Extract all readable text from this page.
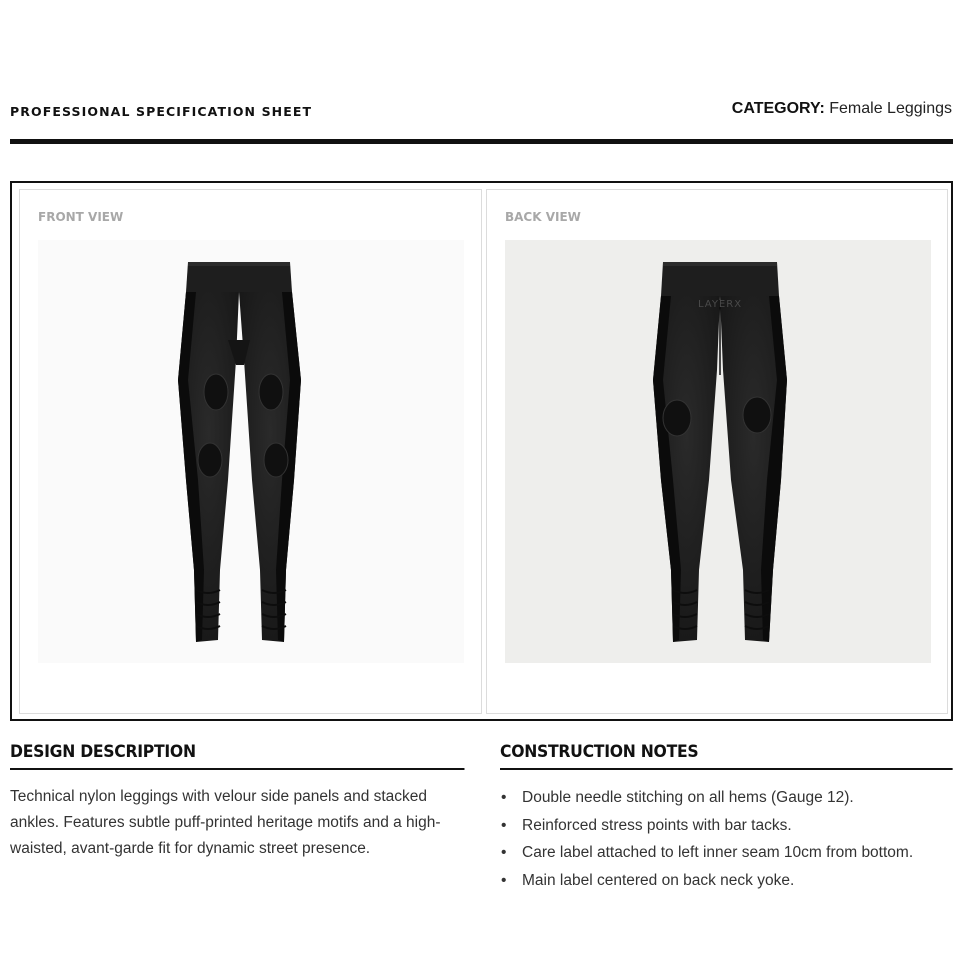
PROFESSIONAL SPECIFICATION SHEET	CATEGORY: Female Leggings
FRONT VIEW	BACK VIEW
LAYERX
DESIGN DESCRIPTION

Technical nylon leggings with velour side panels and stacked ankles. Features subtle puff-printed heritage motifs and a high-waisted, avant-garde fit for dynamic street presence.

CONSTRUCTION NOTES
• Double needle stitching on all hems (Gauge 12).
• Reinforced stress points with bar tacks.
• Care label attached to left inner seam 10cm from bottom.
• Main label centered on back neck yoke.
